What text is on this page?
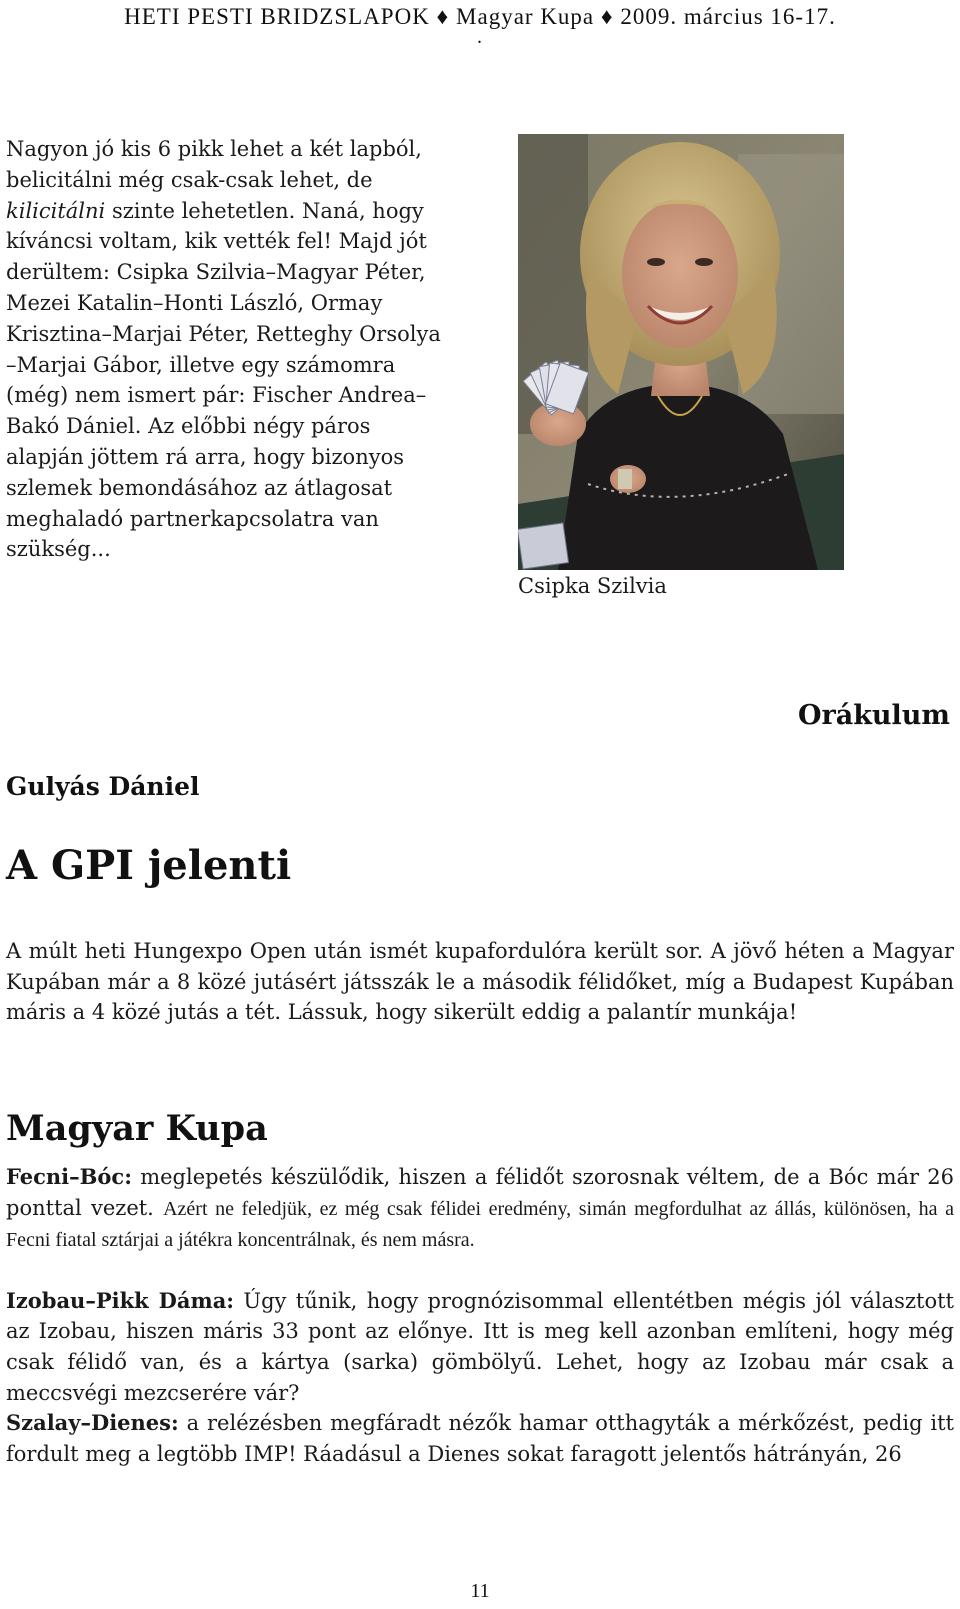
HETI PESTI BRIDZSLAPOK ♦ Magyar Kupa ♦ 2009. március 16-17.
.

Nagyon jó kis 6 pikk lehet a két lapból, belicitálni még csak-csak lehet, de kilicitálni szinte lehetetlen. Naná, hogy kíváncsi voltam, kik vették fel! Majd jót derültem: Csipka Szilvia–Magyar Péter, Mezei Katalin–Honti László, Ormay Krisztina–Marjai Péter, Retteghy Orsolya –Marjai Gábor, illetve egy számomra (még) nem ismert pár: Fischer Andrea–Bakó Dániel. Az előbbi négy páros alapján jöttem rá arra, hogy bizonyos szlemek bemondásához az átlagosat meghaladó partnerkapcsolatra van szükség...

Csipka Szilvia
Orákulum
Gulyás Dániel
A GPI jelenti

A múlt heti Hungexpo Open után ismét kupafordulóra került sor. A jövő héten a Magyar Kupában már a 8 közé jutásért játsszák le a második félidőket, míg a Budapest Kupában máris a 4 közé jutás a tét. Lássuk, hogy sikerült eddig a palantír munkája!

Magyar Kupa

Fecni–Bóc: meglepetés készülődik, hiszen a félidőt szorosnak véltem, de a Bóc már 26 ponttal vezet. Azért ne feledjük, ez még csak félidei eredmény, simán megfordulhat az állás, különösen, ha a Fecni fiatal sztárjai a játékra koncentrálnak, és nem másra.

Izobau–Pikk Dáma: Úgy tűnik, hogy prognózisommal ellentétben mégis jól választott az Izobau, hiszen máris 33 pont az előnye. Itt is meg kell azonban említeni, hogy még csak félidő van, és a kártya (sarka) gömbölyű. Lehet, hogy az Izobau már csak a meccsvégi mezcserére vár?

Szalay–Dienes: a relézésben megfáradt nézők hamar otthagyták a mérkőzést, pedig itt fordult meg a legtöbb IMP! Ráadásul a Dienes sokat faragott jelentős hátrányán, 26

11
